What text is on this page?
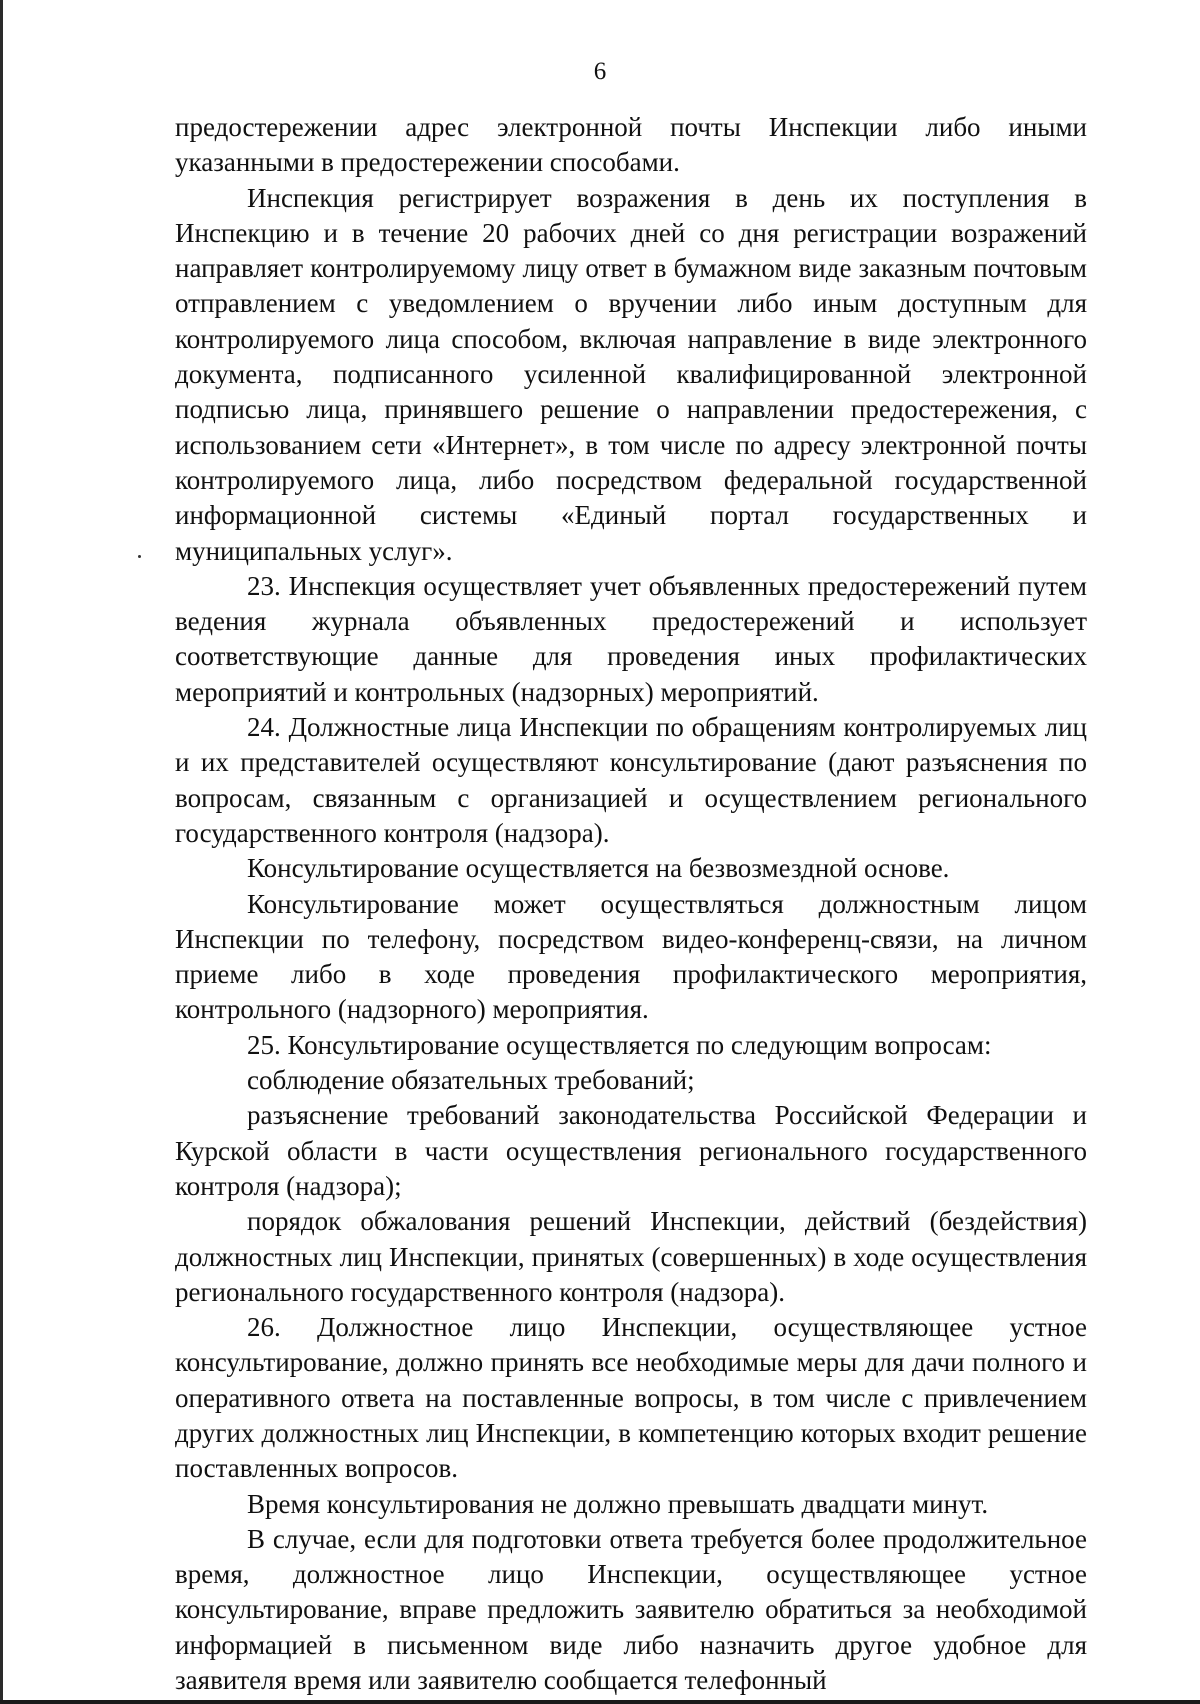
6

предостережении адрес электронной почты Инспекции либо иными указанными в предостережении способами.

Инспекция регистрирует возражения в день их поступления в Инспекцию и в течение 20 рабочих дней со дня регистрации возражений направляет контролируемому лицу ответ в бумажном виде заказным почтовым отправлением с уведомлением о вручении либо иным доступным для контролируемого лица способом, включая направление в виде электронного документа, подписанного усиленной квалифицированной электронной подписью лица, принявшего решение о направлении предостережения, с использованием сети «Интернет», в том числе по адресу электронной почты контролируемого лица, либо посредством федеральной государственной информационной системы «Единый портал государственных и муниципальных услуг».

23. Инспекция осуществляет учет объявленных предостережений путем ведения журнала объявленных предостережений и использует соответствующие данные для проведения иных профилактических мероприятий и контрольных (надзорных) мероприятий.

24. Должностные лица Инспекции по обращениям контролируемых лиц и их представителей осуществляют консультирование (дают разъяснения по вопросам, связанным с организацией и осуществлением регионального государственного контроля (надзора).

Консультирование осуществляется на безвозмездной основе.

Консультирование может осуществляться должностным лицом Инспекции по телефону, посредством видео-конференц-связи, на личном приеме либо в ходе проведения профилактического мероприятия, контрольного (надзорного) мероприятия.

25. Консультирование осуществляется по следующим вопросам:

соблюдение обязательных требований;

разъяснение требований законодательства Российской Федерации и Курской области в части осуществления регионального государственного контроля (надзора);

порядок обжалования решений Инспекции, действий (бездействия) должностных лиц Инспекции, принятых (совершенных) в ходе осуществления регионального государственного контроля (надзора).

26. Должностное лицо Инспекции, осуществляющее устное консультирование, должно принять все необходимые меры для дачи полного и оперативного ответа на поставленные вопросы, в том числе с привлечением других должностных лиц Инспекции, в компетенцию которых входит решение поставленных вопросов.

Время консультирования не должно превышать двадцати минут.

В случае, если для подготовки ответа требуется более продолжительное время, должностное лицо Инспекции, осуществляющее устное консультирование, вправе предложить заявителю обратиться за необходимой информацией в письменном виде либо назначить другое удобное для заявителя время или заявителю сообщается телефонный
